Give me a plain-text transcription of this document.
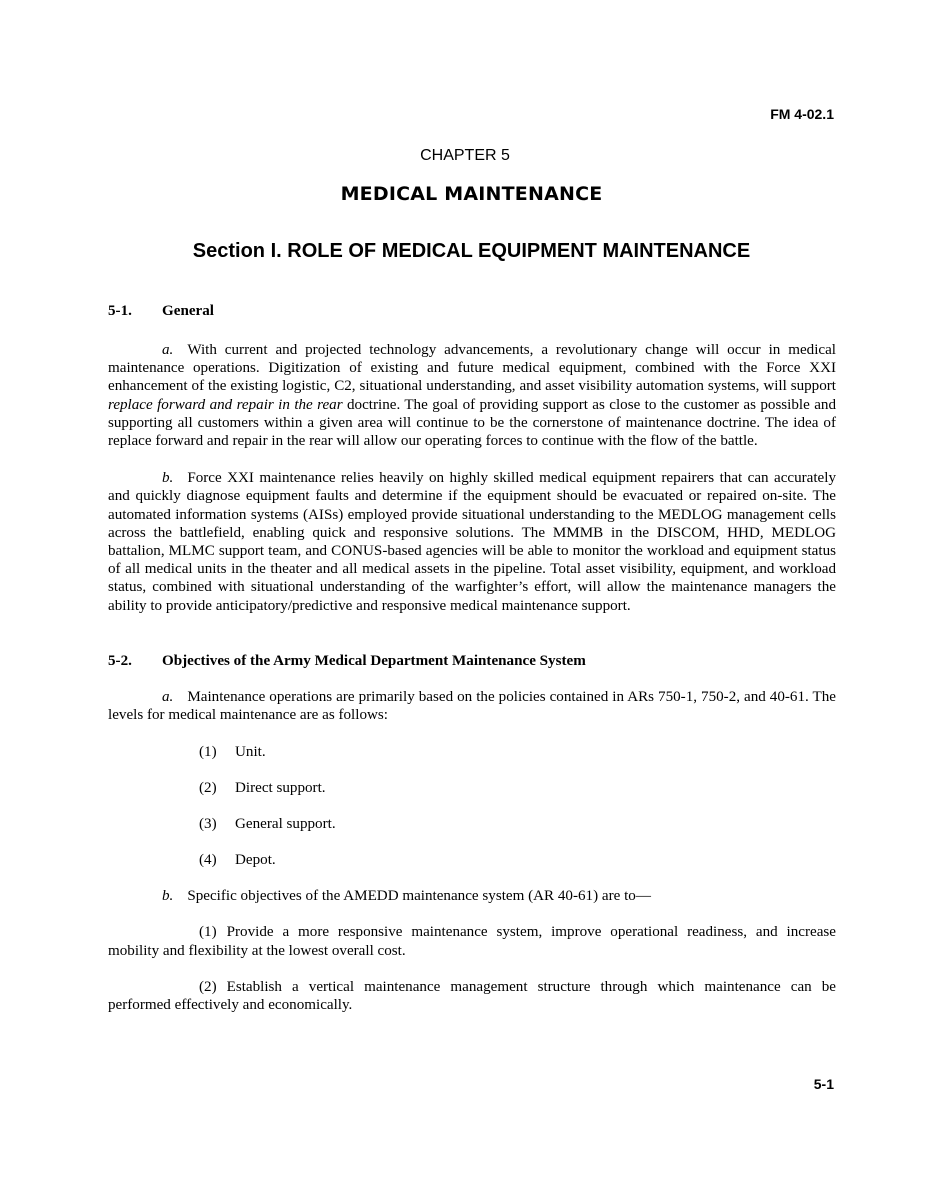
FM 4-02.1
CHAPTER 5
MEDICAL MAINTENANCE
Section I. ROLE OF MEDICAL EQUIPMENT MAINTENANCE
5-1. General

a. With current and projected technology advancements, a revolutionary change will occur in medical maintenance operations. Digitization of existing and future medical equipment, combined with the Force XXI enhancement of the existing logistic, C2, situational understanding, and asset visibility automation systems, will support replace forward and repair in the rear doctrine. The goal of providing support as close to the customer as possible and supporting all customers within a given area will continue to be the cornerstone of maintenance doctrine. The idea of replace forward and repair in the rear will allow our operating forces to continue with the flow of the battle.

b. Force XXI maintenance relies heavily on highly skilled medical equipment repairers that can accurately and quickly diagnose equipment faults and determine if the equipment should be evacuated or repaired on-site. The automated information systems (AISs) employed provide situational understanding to the MEDLOG management cells across the battlefield, enabling quick and responsive solutions. The MMMB in the DISCOM, HHD, MEDLOG battalion, MLMC support team, and CONUS-based agencies will be able to monitor the workload and equipment status of all medical units in the theater and all medical assets in the pipeline. Total asset visibility, equipment, and workload status, combined with situational understanding of the warfighter’s effort, will allow the maintenance managers the ability to provide anticipatory/predictive and responsive medical maintenance support.

5-2. Objectives of the Army Medical Department Maintenance System

a. Maintenance operations are primarily based on the policies contained in ARs 750-1, 750-2, and 40-61. The levels for medical maintenance are as follows:

(1) Unit.
(2) Direct support.
(3) General support.
(4) Depot.

b. Specific objectives of the AMEDD maintenance system (AR 40-61) are to—

(1) Provide a more responsive maintenance system, improve operational readiness, and increase mobility and flexibility at the lowest overall cost.

(2) Establish a vertical maintenance management structure through which maintenance can be performed effectively and economically.

5-1
